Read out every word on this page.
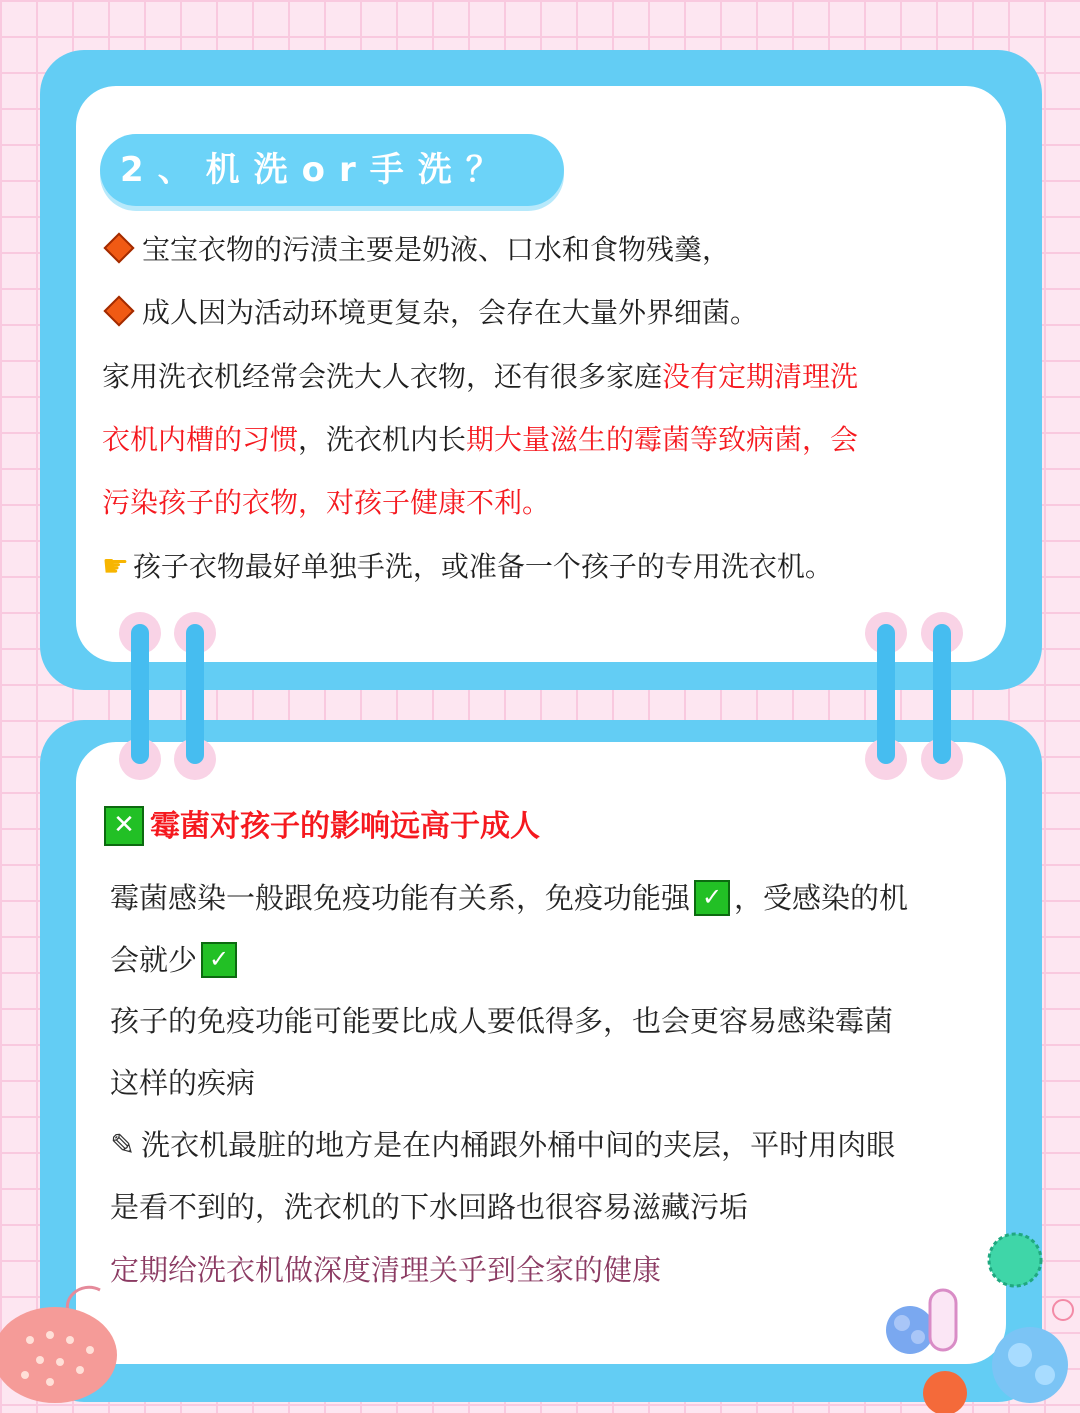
2、机洗or手洗？
宝宝衣物的污渍主要是奶液、口水和食物残羹，
成人因为活动环境更复杂，会存在大量外界细菌。
家用洗衣机经常会洗大人衣物，还有很多家庭没有定期清理洗
衣机内槽的习惯，洗衣机内长期大量滋生的霉菌等致病菌，会
污染孩子的衣物，对孩子健康不利。
☛ 孩子衣物最好单独手洗，或准备一个孩子的专用洗衣机。
✕ 霉菌对孩子的影响远高于成人
霉菌感染一般跟免疫功能有关系，免疫功能强 ✓ ，受感染的机
会就少 ✓
孩子的免疫功能可能要比成人要低得多，也会更容易感染霉菌
这样的疾病
✎ 洗衣机最脏的地方是在内桶跟外桶中间的夹层，平时用肉眼
是看不到的，洗衣机的下水回路也很容易滋藏污垢
定期给洗衣机做深度清理关乎到全家的健康
